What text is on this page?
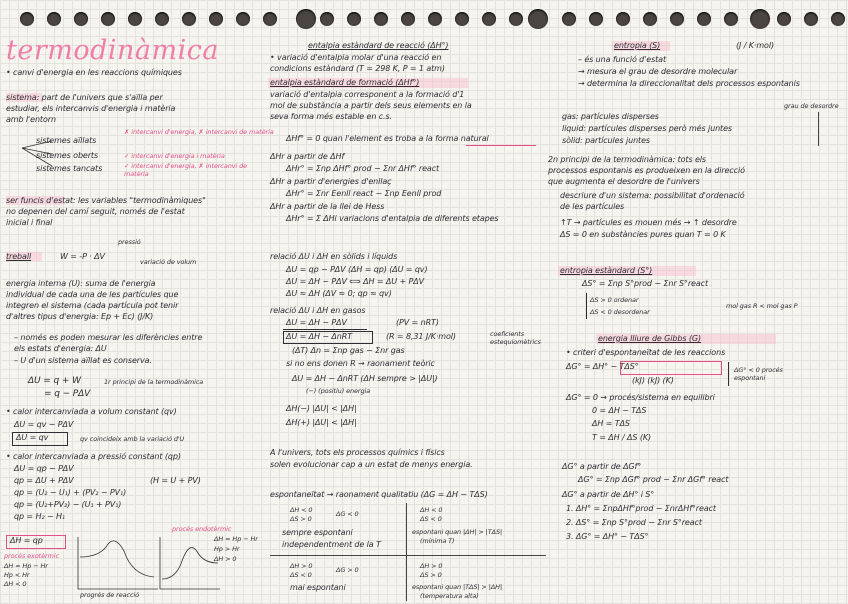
termodinàmica
• canvi d'energia en les reaccions químiques
sistema: part de l'univers que s'aïlla per
estudiar, els intercanvis d'energia i matèria
amb l'entorn
sistemes aïllats
✗ intercanvi d'energia, ✗ intercanvi de matèria
sistemes oberts	✓ intercanvi d'energia i matèria
sistemes tancats	✓ intercanvi d'energia, ✗ intercanvi de matèria
ser funcis d'estat: les variables "termodinàmiques"
no depenen del camí seguit, només de l'estat
inicial i final
pressió
treball	W = -P · ΔV
variació de volum
energia interna (U): suma de l'energia
individual de cada una de les partícules que
integren el sistema (cada partícula pot tenir
d'altres tipus d'energia: Ep + Ec) (J/K)
– només es poden mesurar les diferències entre
els estats d'energia: ΔU
– U d'un sistema aïllat es conserva.
ΔU = q + W	1r principi de la termodinàmica
= q − PΔV
• calor intercanviada a volum constant (qv)
ΔU = qv − PΔV
ΔU = qv	qv coincideix amb la variació d'U
• calor intercanviada a pressió constant (qp)
ΔU = qp − PΔV
qp = ΔU + PΔV	(H = U + PV)
qp = (U₂ − U₁) + (PV₂ − PV₁)
qp = (U₂+PV₂) − (U₁ + PV₁)
qp = H₂ − H₁
ΔH = qp
procés exotèrmic
ΔH = Hp − Hr
Hp < Hr
ΔH < 0
progrés de reacció
procés endotèrmic
ΔH = Hp − Hr
Hp > Hr
ΔH > 0
entalpia estàndard de reacció (ΔH°)
• variació d'entalpia molar d'una reacció en
condicions estàndard (T = 298 K, P = 1 atm)
entalpia estàndard de formació (ΔHf°)
variació d'entalpia corresponent a la formació d'1
mol de substància a partir dels seus elements en la
seva forma més estable en c.s.
ΔHf° = 0 quan l'element es troba a la forma natural
ΔHr a partir de ΔHf
ΔHr° = Σnp ΔHf° prod − Σnr ΔHf° react
ΔHr a partir d'energies d'enllaç
ΔHr° = Σnr Eenll react − Σnp Eenll prod
ΔHr a partir de la llei de Hess
ΔHr° = Σ ΔHi variacions d'entalpia de diferents etapes
relació ΔU i ΔH en sòlids i líquids
ΔU = qp − PΔV (ΔH = qp) (ΔU = qv)
ΔU = ΔH − PΔV ⟺ ΔH = ΔU + PΔV
ΔU ≈ ΔH (ΔV ≈ 0; qp ≈ qv)
relació ΔU i ΔH en gasos
ΔU = ΔH − PΔV	(PV = nRT)
ΔU = ΔH − ΔnRT	(R = 8,31 J/K·mol)	coeficients estequiomètrics
(ΔT) Δn = Σnp gas − Σnr gas
si no ens donen R → raonament teòric
ΔU = ΔH − ΔnRT (ΔH sempre > |ΔU|)
(−) (positiu) energia
ΔH(−) |ΔU| < |ΔH|
ΔH(+) |ΔU| < |ΔH|
A l'univers, tots els processos químics i físics
solen evolucionar cap a un estat de menys energia.
espontaneïtat → raonament qualitatiu (ΔG = ΔH − TΔS)
ΔH < 0
ΔS > 0
ΔG < 0
sempre espontani
independentment de la T
ΔH > 0
ΔS < 0
ΔG > 0
mai espontani
ΔH < 0
ΔS < 0
espontani quan |ΔH| > |TΔS|
(mínima T)
ΔH > 0
ΔS > 0
espontani quan |TΔS| > |ΔH|
(temperatura alta)
entropia (S)	(J / K·mol)
– és una funció d'estat
→ mesura el grau de desordre molecular
→ determina la direccionalitat dels processos espontanis
grau de desordre
gas: partícules disperses
liquid: partícules disperses però més juntes
sòlid: partícules juntes
2n principi de la termodinàmica: tots els
processos espontanis es produeixen en la direcció
que augmenta el desordre de l'univers
descriure d'un sistema: possibilitat d'ordenació
de les partícules
↑T → partícules es mouen més → ↑ desordre
ΔS = 0 en substàncies pures quan T = 0 K
entropia estàndard (S°)
ΔS° = Σnp S°prod − Σnr S°react
ΔS > 0 ordenar
ΔS < 0 desordenar
mol gas R < mol gas P
energia lliure de Gibbs (G)
• criteri d'espontaneïtat de les reaccions
ΔG° = ΔH° − TΔS°
(kJ) (kJ) (K)
ΔG° < 0 procés espontani
ΔG° = 0 → procés/sistema en equilibri
0 = ΔH − TΔS
ΔH = TΔS
T = ΔH / ΔS (K)
ΔG° a partir de ΔGf°
ΔG° = Σnp ΔGf° prod − Σnr ΔGf° react
ΔG° a partir de ΔH° i S°
1. ΔH° = ΣnpΔHf°prod − ΣnrΔHf°react
2. ΔS° = Σnp S°prod − Σnr S°react
3. ΔG° = ΔH° − TΔS°
